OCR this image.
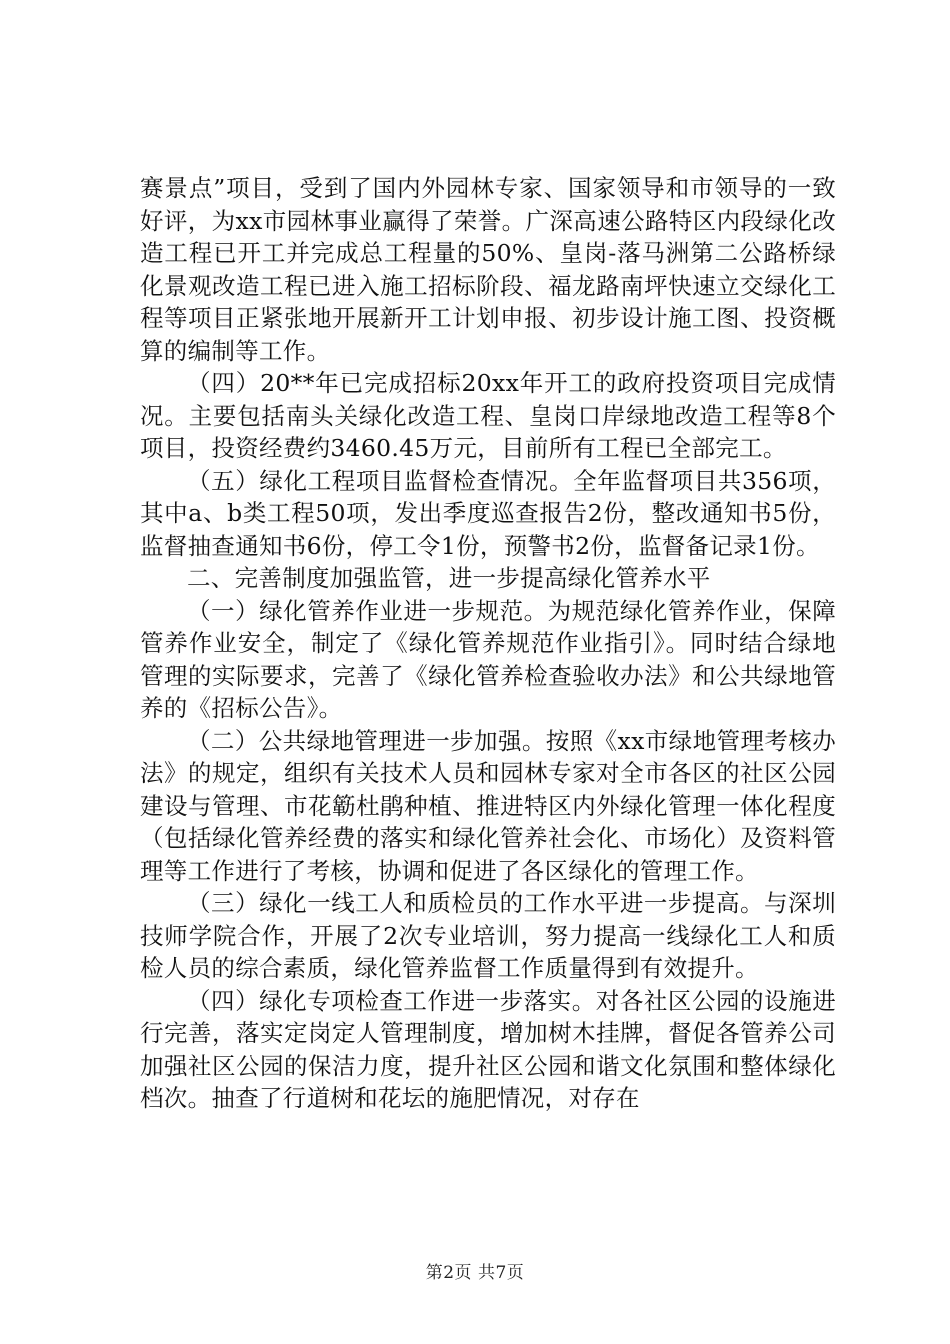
赛景点”项目，受到了国内外园林专家、国家领导和市领导的一致好评，为xx市园林事业赢得了荣誉。广深高速公路特区内段绿化改造工程已开工并完成总工程量的50%、皇岗-落马洲第二公路桥绿化景观改造工程已进入施工招标阶段、福龙路南坪快速立交绿化工程等项目正紧张地开展新开工计划申报、初步设计施工图、投资概算的编制等工作。

（四）20**年已完成招标20xx年开工的政府投资项目完成情况。主要包括南头关绿化改造工程、皇岗口岸绿地改造工程等8个项目，投资经费约3460.45万元，目前所有工程已全部完工。

（五）绿化工程项目监督检查情况。全年监督项目共356项，其中a、b类工程50项，发出季度巡查报告2份，整改通知书5份，监督抽查通知书6份，停工令1份，预警书2份，监督备记录1份。

二、完善制度加强监管，进一步提高绿化管养水平

（一）绿化管养作业进一步规范。为规范绿化管养作业，保障管养作业安全，制定了《绿化管养规范作业指引》。同时结合绿地管理的实际要求，完善了《绿化管养检查验收办法》和公共绿地管养的《招标公告》。

（二）公共绿地管理进一步加强。按照《xx市绿地管理考核办法》的规定，组织有关技术人员和园林专家对全市各区的社区公园建设与管理、市花簕杜鹃种植、推进特区内外绿化管理一体化程度（包括绿化管养经费的落实和绿化管养社会化、市场化）及资料管理等工作进行了考核，协调和促进了各区绿化的管理工作。

（三）绿化一线工人和质检员的工作水平进一步提高。与深圳技师学院合作，开展了2次专业培训，努力提高一线绿化工人和质检人员的综合素质，绿化管养监督工作质量得到有效提升。

（四）绿化专项检查工作进一步落实。对各社区公园的设施进行完善，落实定岗定人管理制度，增加树木挂牌，督促各管养公司加强社区公园的保洁力度，提升社区公园和谐文化氛围和整体绿化档次。抽查了行道树和花坛的施肥情况，对存在

第2页 共7页
